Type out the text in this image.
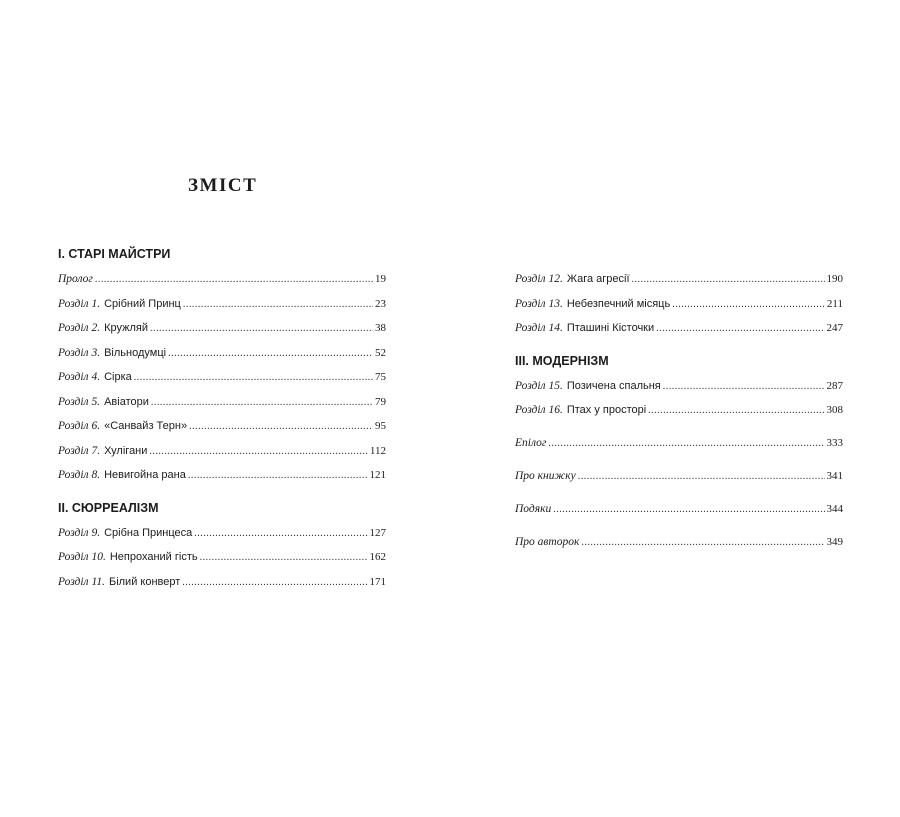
ЗМІСТ
I. СТАРІ МАЙСТРИ
Пролог .....	19
Розділ 1. Срібний Принц .....	23
Розділ 2. Кружляй .....	38
Розділ 3. Вільнодумці .....	52
Розділ 4. Сірка .....	75
Розділ 5. Авіатори .....	79
Розділ 6. «Санвайз Терн» .....	95
Розділ 7. Хулігани .....	112
Розділ 8. Невигойна рана .....	121
II. СЮРРЕАЛІЗМ
Розділ 9. Срібна Принцеса .....	127
Розділ 10. Непроханий гість .....	162
Розділ 11. Білий конверт .....	171
Розділ 12. Жага агресії .....	190
Розділ 13. Небезпечний місяць .....	211
Розділ 14. Пташині Кісточки .....	247
III. МОДЕРНІЗМ
Розділ 15. Позичена спальня .....	287
Розділ 16. Птах у просторі .....	308
Епілог .....	333
Про книжку .....	341
Подяки .....	344
Про авторок .....	349
